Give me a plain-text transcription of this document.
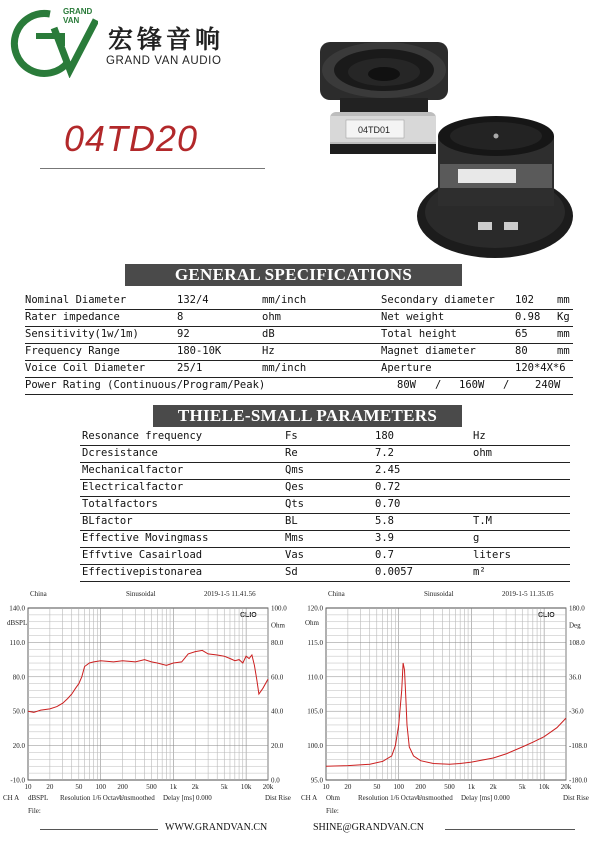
GRAND
VAN
宏锋音响
GRAND VAN AUDIO
04TD20	04TD01
GENERAL SPECIFICATIONS
Nominal Diameter	132/4	mm/inch	Secondary diameter 102 mm
Rater impedance	8	ohm	Net weight	0.98 Kg
Sensitivity(1w/1m)	92	dB	Total height	65	mm
Frequency Range	180-10K	Hz	Magnet diameter	80	mm
Voice Coil Diameter	25/1	mm/inch	Aperture	120*4X*6
Power Rating (Continuous/Program/Peak)	80W / 160W / 240W
THIELE-SMALL PARAMETERS
Resonance frequency	Fs	180	Hz
Dcresistance	Re	7.2	ohm
Mechanicalfactor	Qms	2.45
Electricalfactor	Qes	0.72
Totalfactors	Qts	0.70
BLfactor	BL	5.8	T.M
Effective Movingmass	Mms	3.9	g
Effvtive Casairload	Vas	0.7	liters
Effectivepistonarea	Sd	0.0057	m²
China	Sinusoidal	2019-1-5 11.41.56
CLIO
140.0
110.0
80.0
50.0
20.0
-10.0
dBSPL
100.0
Ohm
80.0
60.0
40.0
20.0
0.0
10 20	50 100 200	500 1k 2k	5k 10k 20k
CH A dBSPL Resolution 1/6 Octave
Unsmoothed Delay [ms] 0.000	Dist Rise
File:
China	Sinusoidal	2019-1-5 11.35.05
CLIO
120.0
115.0
110.0
105.0
100.0
95.0
Ohm
180.0
Deg
108.0
36.0
-36.0
-108.0
-180.0
10 20	50 100 200	500 1k 2k	5k 10k 20k
CH A Ohm	Resolution 1/6 Octave
Unsmoothed Delay [ms] 0.000	Dist Rise
File:
WWW.GRANDVAN.CN	SHINE@GRANDVAN.CN
